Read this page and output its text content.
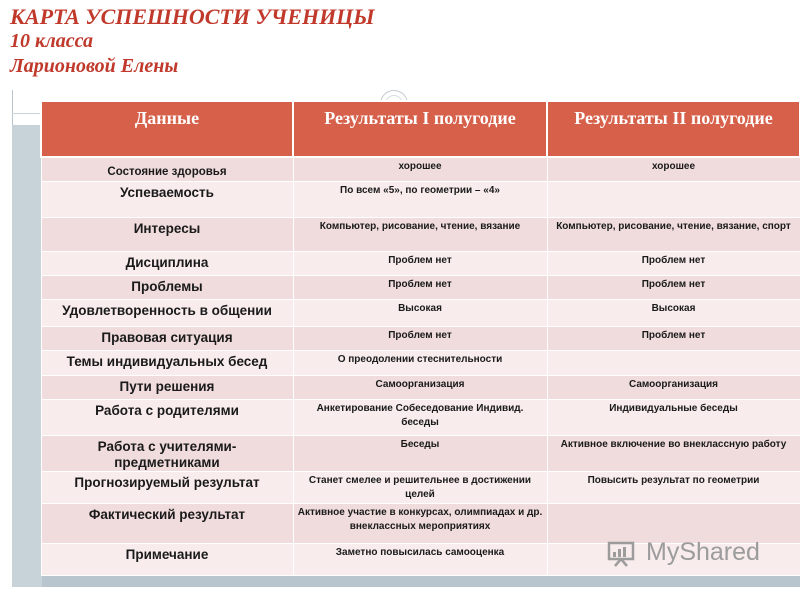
КАРТА УСПЕШНОСТИ УЧЕНИЦЫ
10 класса
Ларионовой Елены
Данные	Результаты I полугодие	Результаты II полугодие
Состояние здоровья	хорошее	хорошее
Успеваемость	По всем «5», по геометрии – «4»	
Интересы	Компьютер, рисование, чтение, вязание	Компьютер, рисование, чтение, вязание, спорт
Дисциплина	Проблем нет	Проблем нет
Проблемы	Проблем нет	Проблем нет
Удовлетворенность в общении	Высокая	Высокая
Правовая ситуация	Проблем нет	Проблем нет
Темы индивидуальных бесед	О преодолении стеснительности	
Пути решения	Самоорганизация	Самоорганизация
Работа с родителями	Анкетирование Собеседование Индивид. беседы	Индивидуальные беседы
Работа с учителями-предметниками	Беседы	Активное включение во внеклассную работу
Прогнозируемый результат	Станет смелее и решительнее в достижении целей	Повысить результат по геометрии
Фактический результат	Активное участие в конкурсах, олимпиадах и др. внеклассных мероприятиях	
Примечание	Заметно повысилась самооценка		MyShared
